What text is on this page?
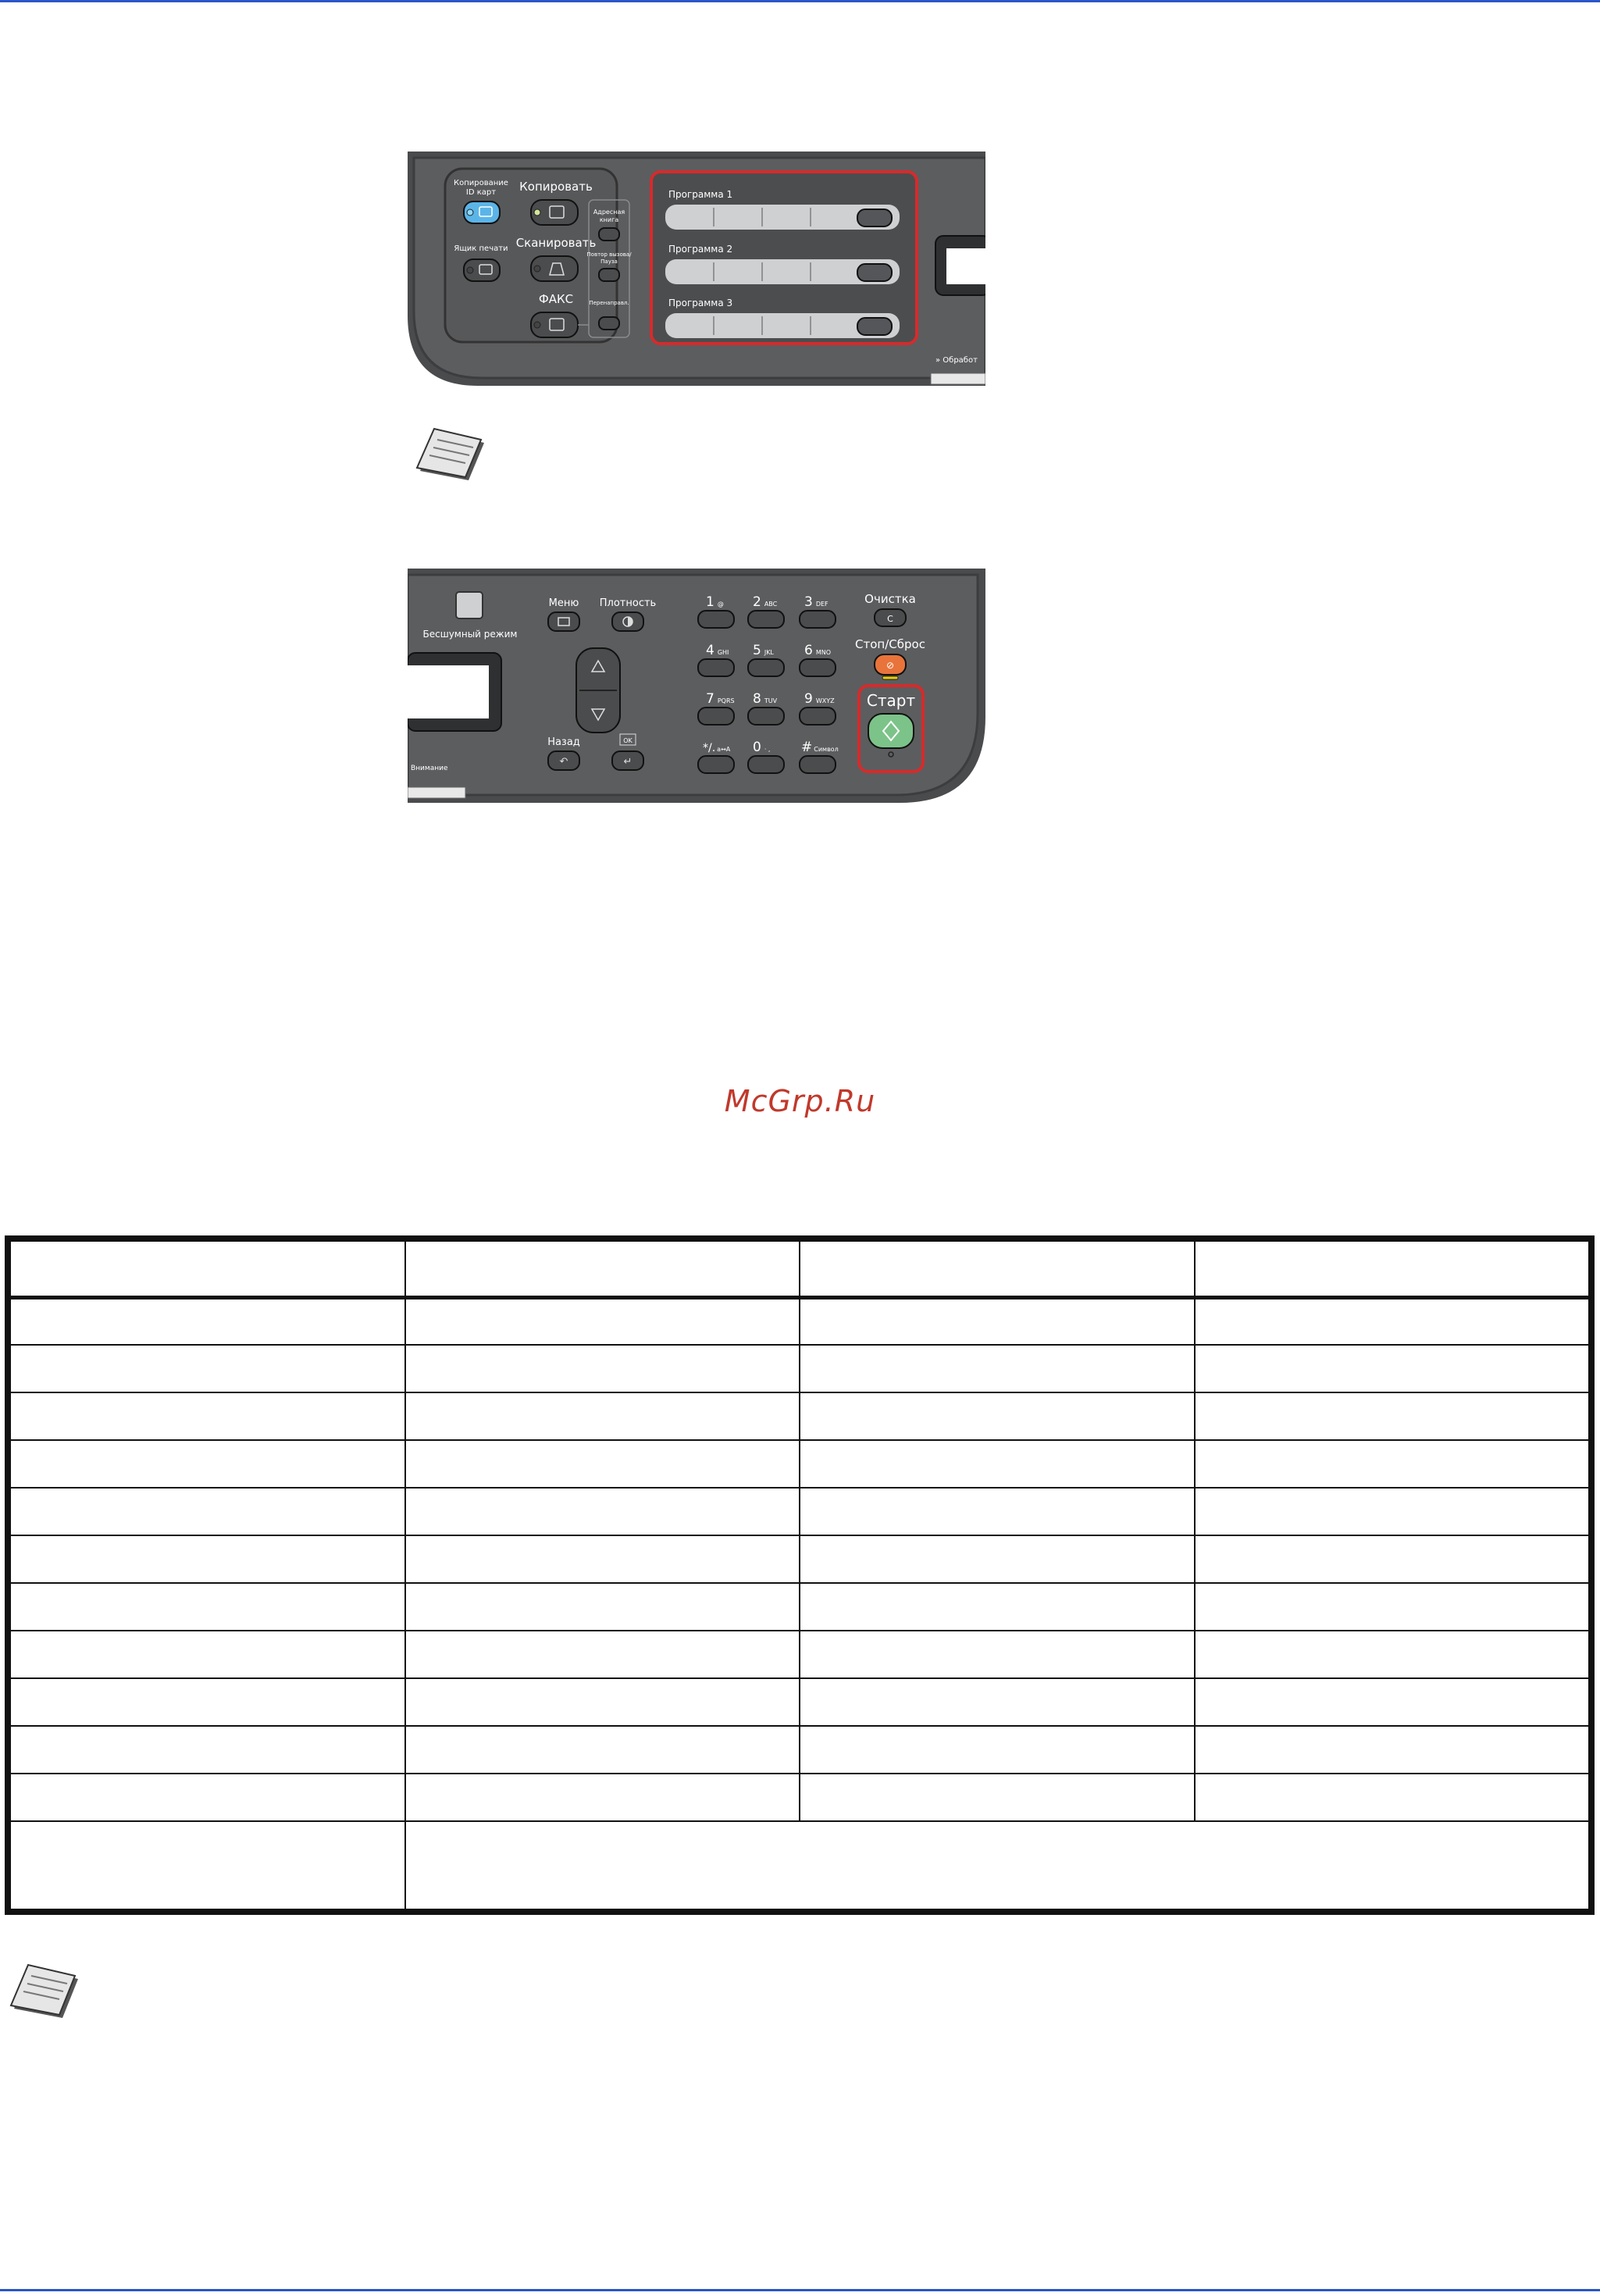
Копирование ID карт
Ящик печати
Копировать
Сканировать
ФАКС
Адресная книга
Повтор вызова/ Пауза
Перенаправл.
Программа 1
Программа 2
Программа 3
» Обработ
Бесшумный режим
Внимание
Меню Плотность
Назад
↶
OK
↵
1 @ 2 ABC 3 DEF
4 GHI 5 JKL 6 MNO
7 PQRS 8 TUV 9 WXYZ
*/. a↔A 0 · , # Символ
Очистка
C
Стоп/Сброс
⊘
Старт
McGrp.Ru
